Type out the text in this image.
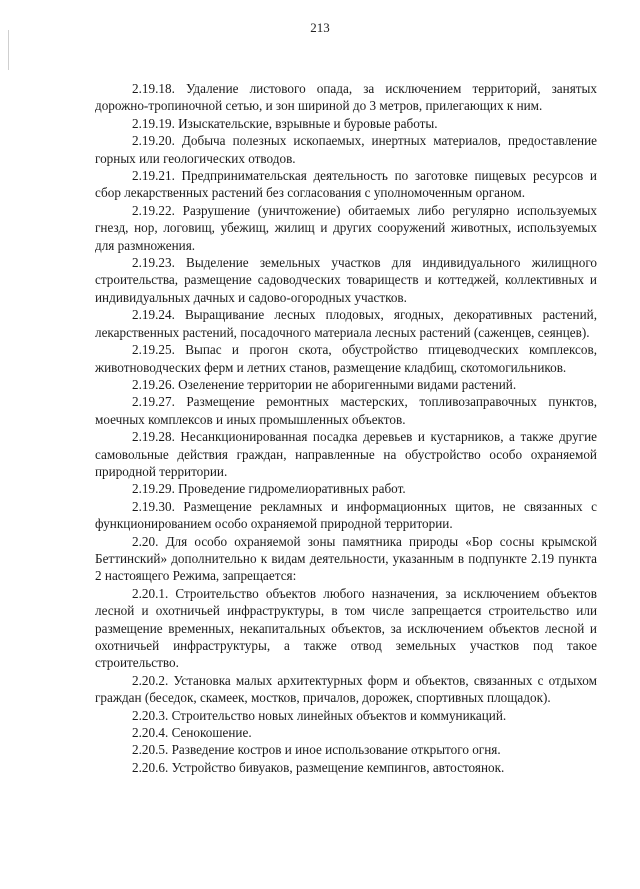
213

2.19.18. Удаление листового опада, за исключением территорий, занятых дорожно-тропиночной сетью, и зон шириной до 3 метров, прилегающих к ним.

2.19.19. Изыскательские, взрывные и буровые работы.

2.19.20. Добыча полезных ископаемых, инертных материалов, предоставление горных или геологических отводов.

2.19.21. Предпринимательская деятельность по заготовке пищевых ресурсов и сбор лекарственных растений без согласования с уполномоченным органом.

2.19.22. Разрушение (уничтожение) обитаемых либо регулярно используемых гнезд, нор, логовищ, убежищ, жилищ и других сооружений животных, используемых для размножения.

2.19.23. Выделение земельных участков для индивидуального жилищного строительства, размещение садоводческих товариществ и коттеджей, коллективных и индивидуальных дачных и садово-огородных участков.

2.19.24. Выращивание лесных плодовых, ягодных, декоративных растений, лекарственных растений, посадочного материала лесных растений (саженцев, сеянцев).

2.19.25. Выпас и прогон скота, обустройство птицеводческих комплексов, животноводческих ферм и летних станов, размещение кладбищ, скотомогильников.

2.19.26. Озеленение территории не аборигенными видами растений.

2.19.27. Размещение ремонтных мастерских, топливозаправочных пунктов, моечных комплексов и иных промышленных объектов.

2.19.28. Несанкционированная посадка деревьев и кустарников, а также другие самовольные действия граждан, направленные на обустройство особо охраняемой природной территории.

2.19.29. Проведение гидромелиоративных работ.

2.19.30. Размещение рекламных и информационных щитов, не связанных с функционированием особо охраняемой природной территории.

2.20. Для особо охраняемой зоны памятника природы «Бор сосны крымской Беттинский» дополнительно к видам деятельности, указанным в подпункте 2.19 пункта 2 настоящего Режима, запрещается:

2.20.1. Строительство объектов любого назначения, за исключением объектов лесной и охотничьей инфраструктуры, в том числе запрещается строительство или размещение временных, некапитальных объектов, за исключением объектов лесной и охотничьей инфраструктуры, а также отвод земельных участков под такое строительство.

2.20.2. Установка малых архитектурных форм и объектов, связанных с отдыхом граждан (беседок, скамеек, мостков, причалов, дорожек, спортивных площадок).

2.20.3. Строительство новых линейных объектов и коммуникаций.

2.20.4. Сенокошение.

2.20.5. Разведение костров и иное использование открытого огня.

2.20.6. Устройство бивуаков, размещение кемпингов, автостоянок.
